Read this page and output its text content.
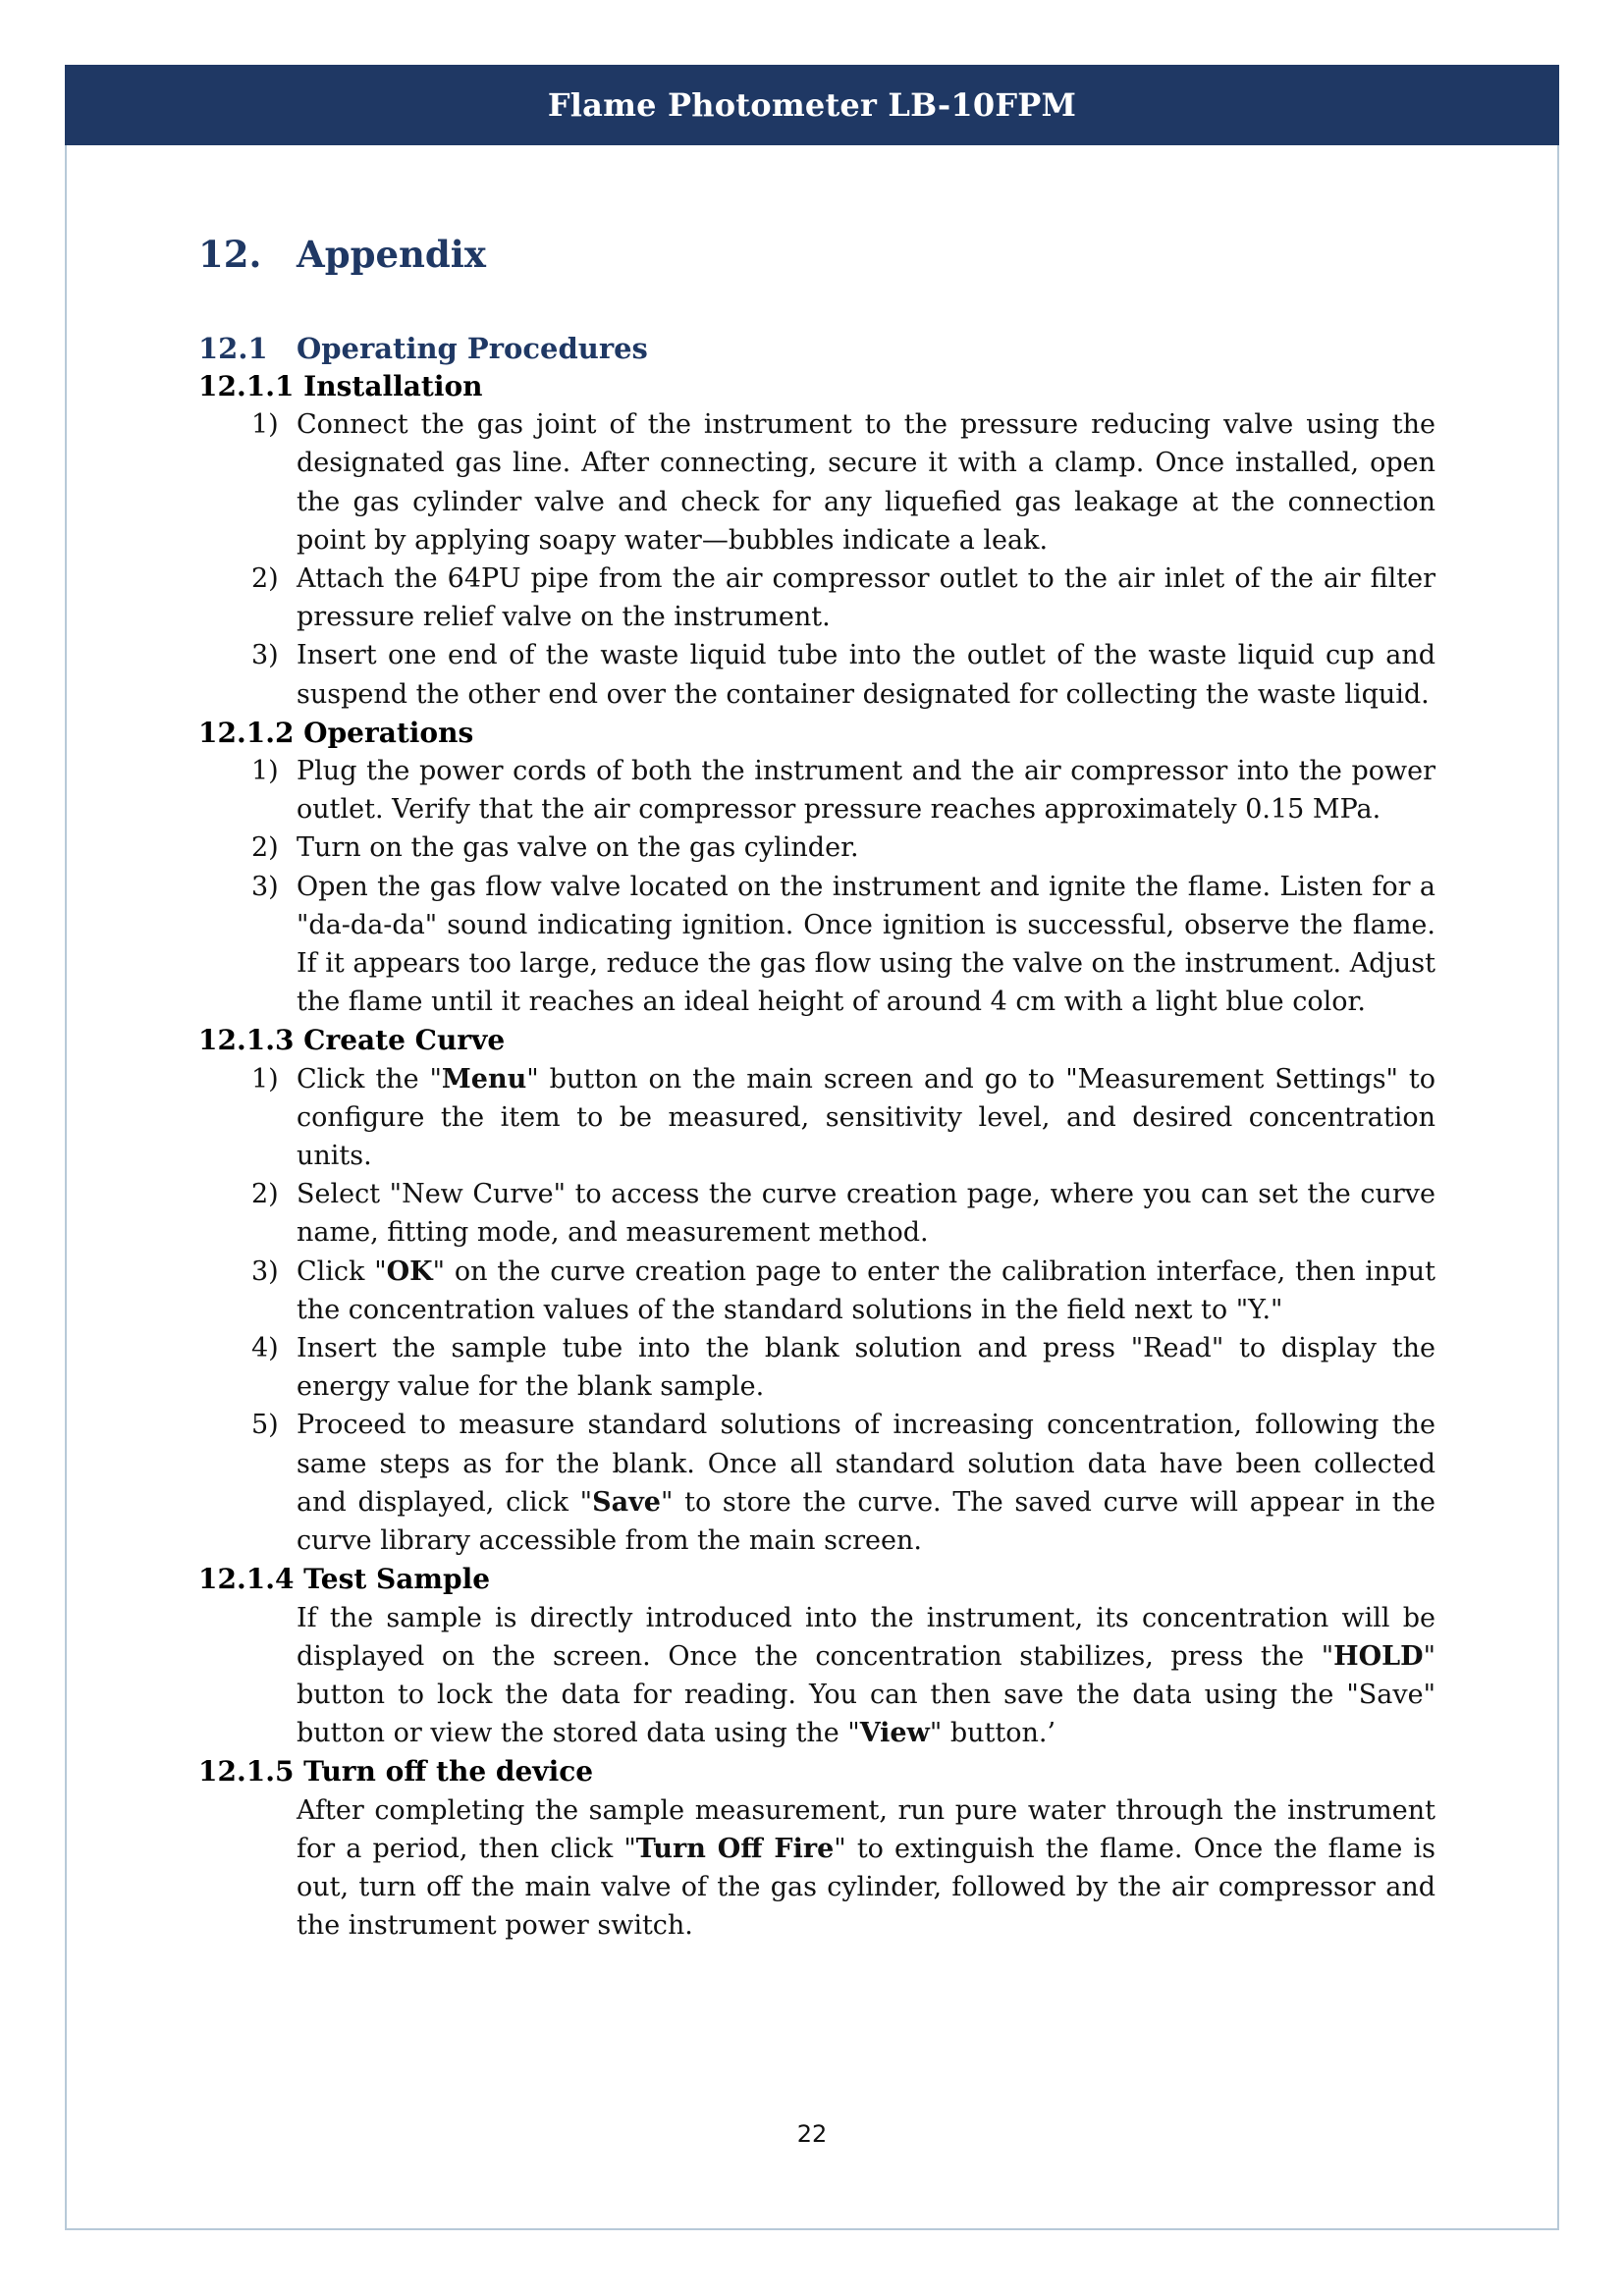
Flame Photometer LB-10FPM
12. Appendix
12.1	Operating Procedures
12.1.1 Installation
1) Connect the gas joint of the instrument to the pressure reducing valve using the designated gas line. After connecting, secure it with a clamp. Once installed, open the gas cylinder valve and check for any liquefied gas leakage at the connection point by applying soapy water—bubbles indicate a leak.
2) Attach the 64PU pipe from the air compressor outlet to the air inlet of the air filter pressure relief valve on the instrument.
3) Insert one end of the waste liquid tube into the outlet of the waste liquid cup and suspend the other end over the container designated for collecting the waste liquid.
12.1.2 Operations
1) Plug the power cords of both the instrument and the air compressor into the power outlet. Verify that the air compressor pressure reaches approximately 0.15 MPa.
2) Turn on the gas valve on the gas cylinder.
3) Open the gas flow valve located on the instrument and ignite the flame. Listen for a "da-da-da" sound indicating ignition. Once ignition is successful, observe the flame. If it appears too large, reduce the gas flow using the valve on the instrument. Adjust the flame until it reaches an ideal height of around 4 cm with a light blue color.
12.1.3 Create Curve
1) Click the "Menu" button on the main screen and go to "Measurement Settings" to configure the item to be measured, sensitivity level, and desired concentration units.
2) Select "New Curve" to access the curve creation page, where you can set the curve name, fitting mode, and measurement method.
3) Click "OK" on the curve creation page to enter the calibration interface, then input the concentration values of the standard solutions in the field next to "Y."
4) Insert the sample tube into the blank solution and press "Read" to display the energy value for the blank sample.
5) Proceed to measure standard solutions of increasing concentration, following the same steps as for the blank. Once all standard solution data have been collected and displayed, click "Save" to store the curve. The saved curve will appear in the curve library accessible from the main screen.
12.1.4 Test Sample
If the sample is directly introduced into the instrument, its concentration will be displayed on the screen. Once the concentration stabilizes, press the "HOLD" button to lock the data for reading. You can then save the data using the "Save" button or view the stored data using the "View" button.’
12.1.5 Turn off the device
After completing the sample measurement, run pure water through the instrument for a period, then click "Turn Off Fire" to extinguish the flame. Once the flame is out, turn off the main valve of the gas cylinder, followed by the air compressor and the instrument power switch.
22
